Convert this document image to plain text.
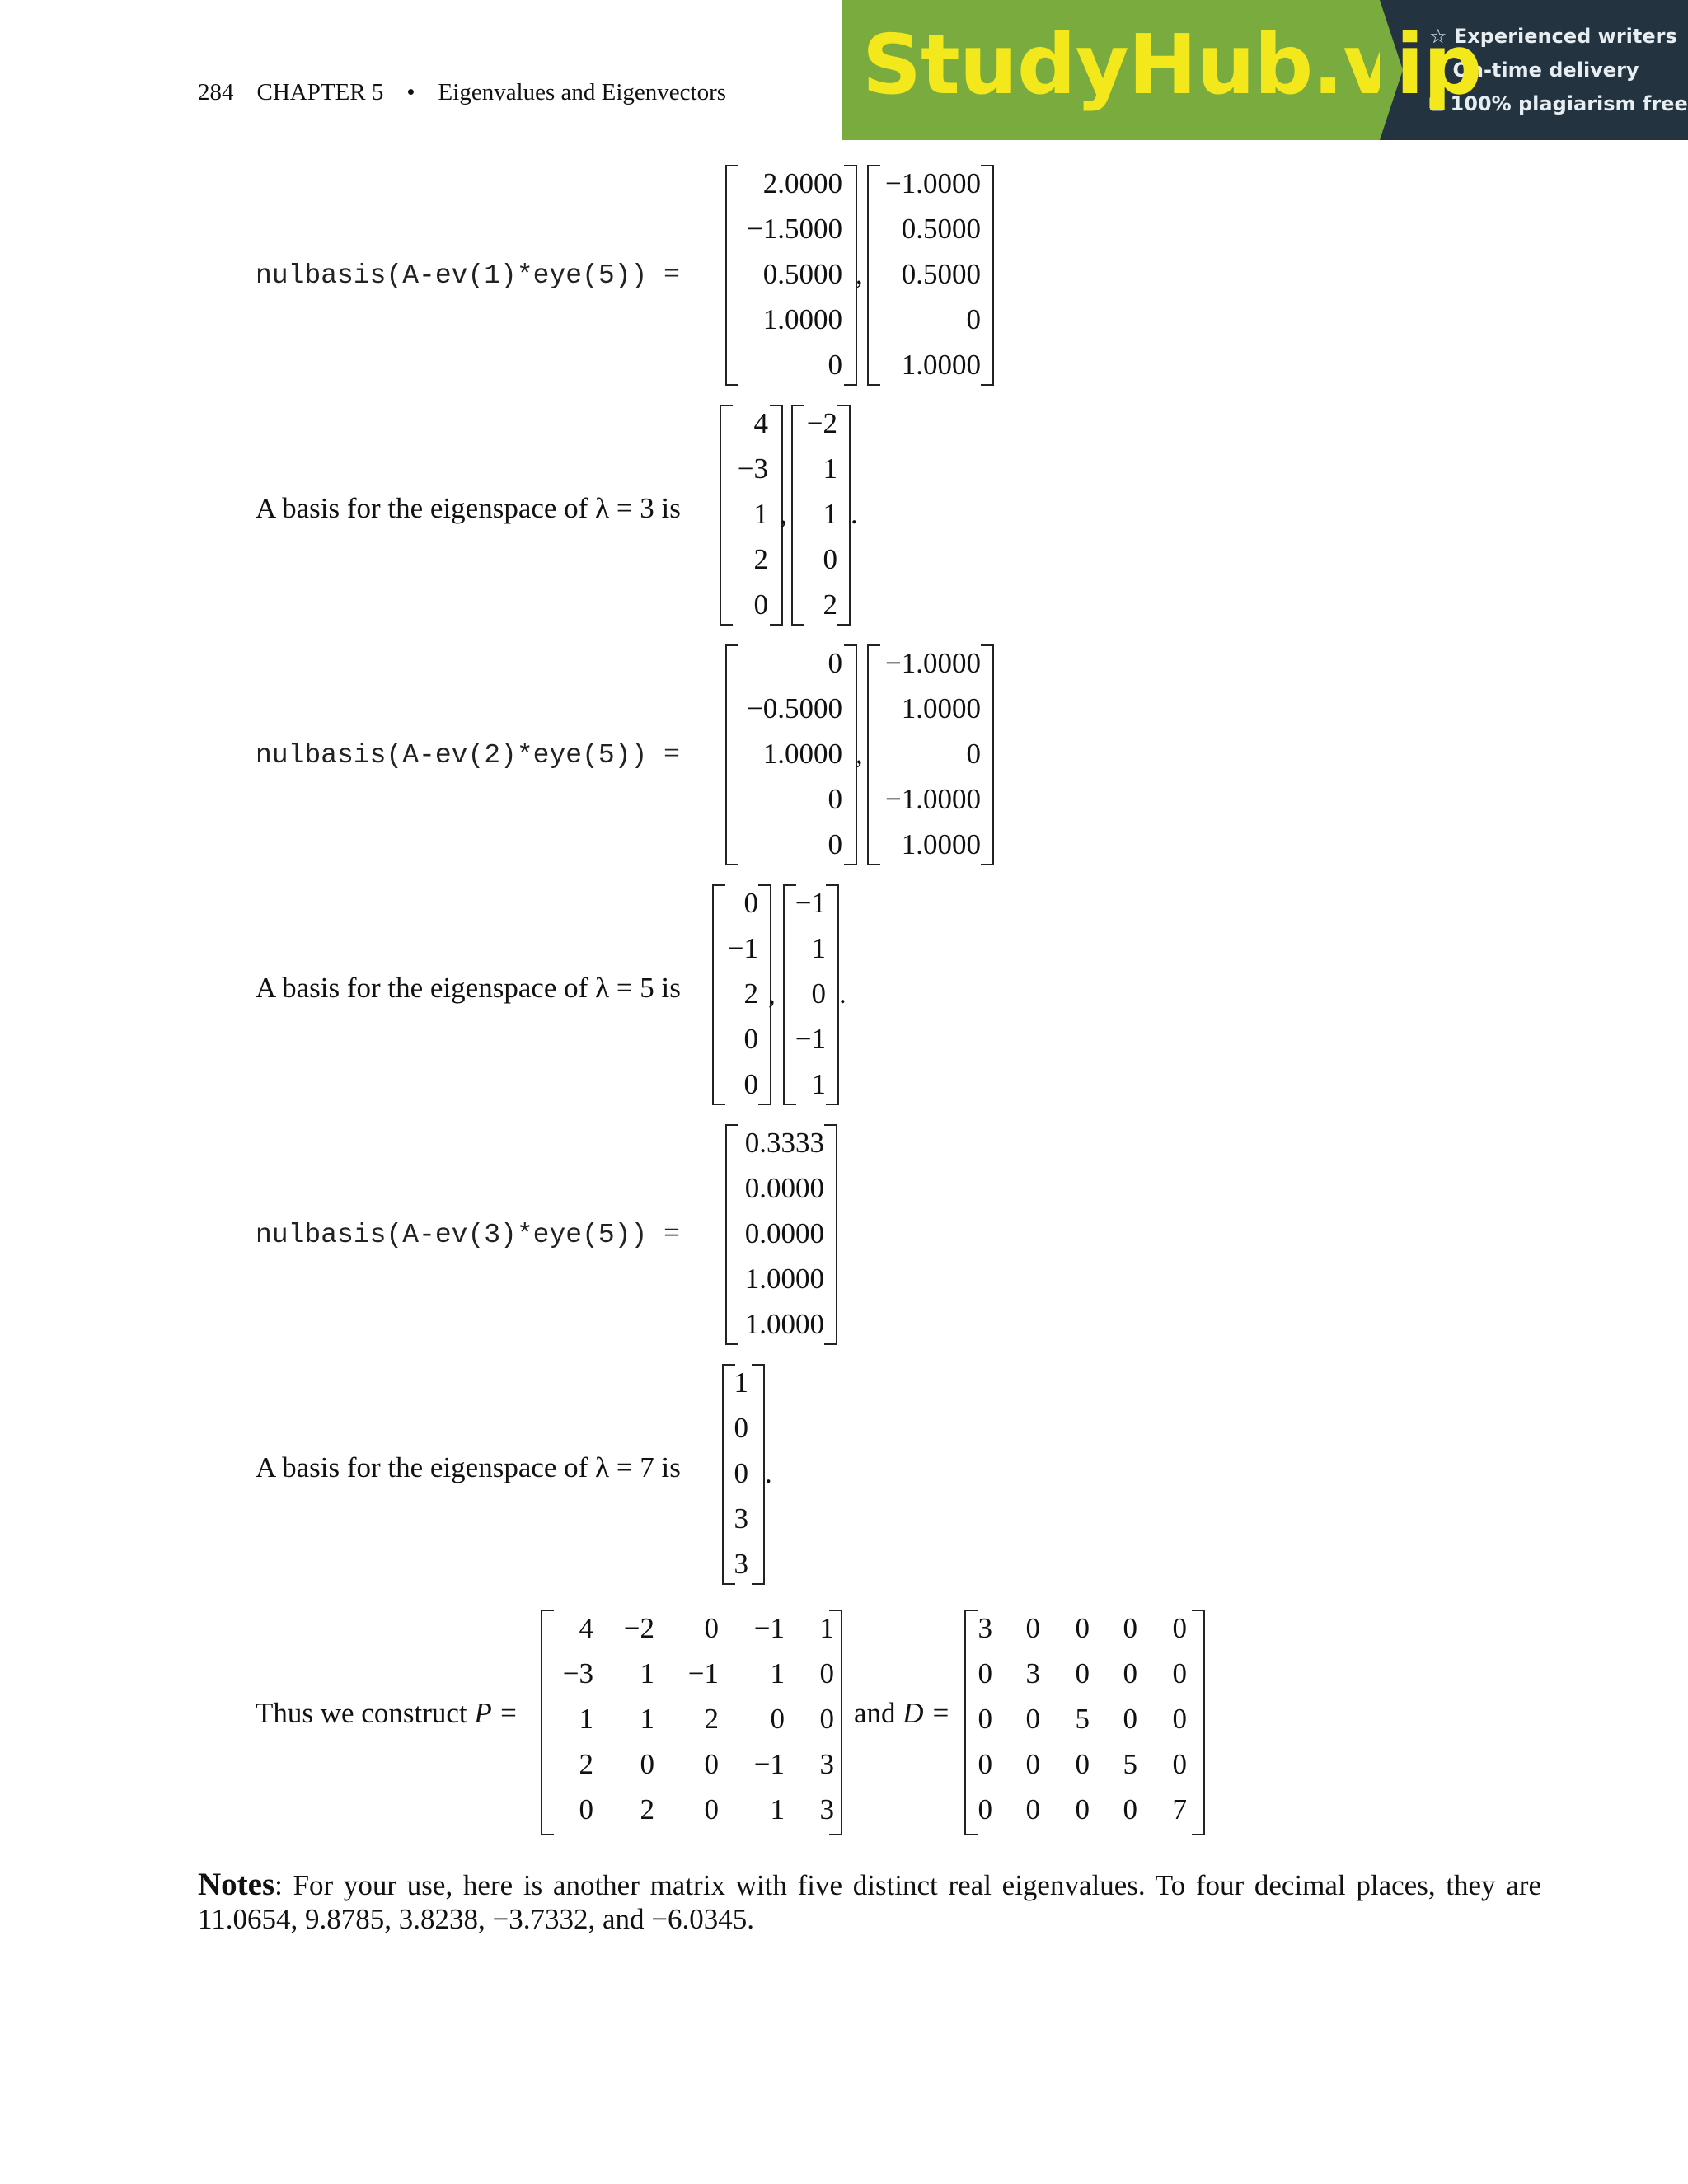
284 CHAPTER 5 • Eigenvalues and Eigenvectors StudyHub.vip
☆ Experienced writers
⊙ On-time delivery
⧉ 100% plagiarism free
nulbasis(A-ev(1)*eye(5)) =
2.0000
−1.5000
0.5000
1.0000
0
,
−1.0000
0.5000
0.5000
0
1.0000
A basis for the eigenspace of λ = 3 is
4
−3
1
2
0
,
−2
1
1
0
2
.
nulbasis(A-ev(2)*eye(5)) =
0
−0.5000
1.0000
0
0
,
−1.0000
1.0000
0
−1.0000
1.0000
A basis for the eigenspace of λ = 5 is
0
−1
2
0
0
,
−1
1
0
−1
1
.
nulbasis(A-ev(3)*eye(5)) =
0.3333
0.0000
0.0000
1.0000
1.0000
A basis for the eigenspace of λ = 7 is
1
0
0
3
3
.
Thus we construct P =
4	−2	0	−1	1
−3	1	−1	1	0
1	1	2	0	0
2	0	0	−1	3
0	2	0	1	3
and D =
3	0	0	0	0
0	3	0	0	0
0	0	5	0	0
0	0	0	5	0
0	0	0	0	7
Notes: For your use, here is another matrix with five distinct real eigenvalues. To four decimal places, they are 11.0654, 9.8785, 3.8238, −3.7332, and −6.0345.
